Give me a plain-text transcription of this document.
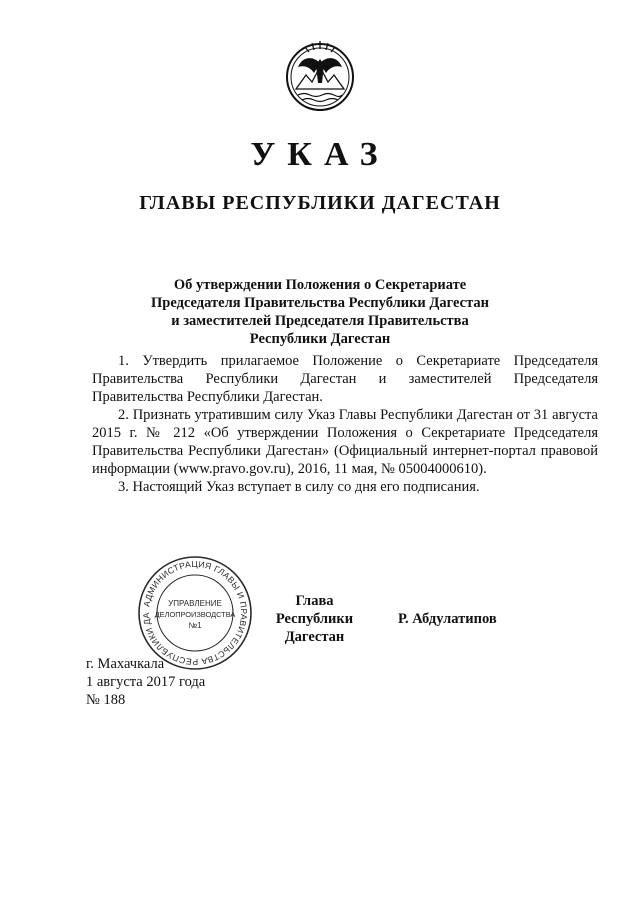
УКАЗ
ГЛАВЫ РЕСПУБЛИКИ ДАГЕСТАН
Об утверждении Положения о Секретариате
Председателя Правительства Республики Дагестан
и заместителей Председателя Правительства
Республики Дагестан

1. Утвердить прилагаемое Положение о Секретариате Председателя Правительства Республики Дагестан и заместителей Председателя Правительства Республики Дагестан.

2. Признать утратившим силу Указ Главы Республики Дагестан от 31 августа 2015 г. № 212 «Об утверждении Положения о Секретариате Председателя Правительства Республики Дагестан» (Официальный интернет-портал правовой информации (www.pravo.gov.ru), 2016, 11 мая, № 05004000610).

3. Настоящий Указ вступает в силу со дня его подписания.

АДМИНИСТРАЦИЯ ГЛАВЫ И ПРАВИТЕЛЬСТВА РЕСПУБЛИКИ ДА
УПРАВЛЕНИЕ
ДЕЛОПРОИЗВОДСТВА
№1
Глава
Республики Дагестан
Р. Абдулатипов
г. Махачкала
1 августа 2017 года
№ 188
